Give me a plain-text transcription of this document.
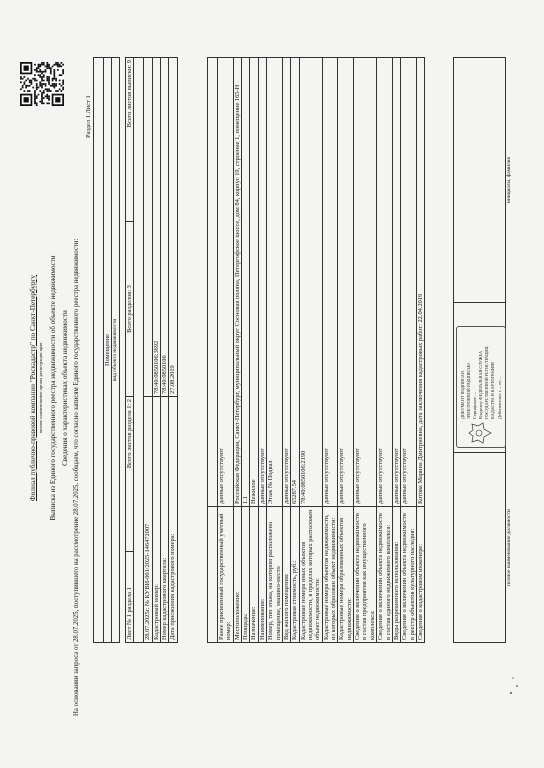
Филиал публично-правовой компании "Роскадастр" по Санкт-Петербургу полное наименование органа регистрации прав Выписка из Единого государственного реестра недвижимости об объекте недвижимости Сведения о характеристиках объекта недвижимости На основании запроса от 28.07.2025, поступившего на рассмотрение 28.07.2025, сообщаем, что согласно записям Единого государственного реестра недвижимости:
Раздел 1 Лист 1

Помещение
вид объекта недвижимости
Лист № 1 раздела 1	Всего листов раздела 1: 2	Всего разделов: 3	Всего листов выписки: 9

28.07.2025г. № КУВИ-001/2025-146472007			
Кадастровый номер:		78:40:0850106:3692	
Номер кадастрового квартала:		78:40:0850106	
Дата присвоения кадастрового номера:		27.08.2019	

Ранее присвоенный государственный учетный номер:	данные отсутствуют
Местоположение:	Российская Федерация, Санкт-Петербург, муниципальный округ Сосновая поляна, Петергофское шоссе, дом 84, корпус 19, строение 1, помещение 165-Н
Площадь:	1.1
Назначение:	Нежилое
Наименование:	данные отсутствуют
Номер, тип этажа, на котором расположено помещение, машино-место	Этаж № Подвал
Вид жилого помещения:	данные отсутствуют
Кадастровая стоимость, руб.:	65287.54
Кадастровые номера иных объектов недвижимости, в пределах которых расположен объект недвижимости:	78:40:0850106:2190
Кадастровые номера объектов недвижимости, из которых образован объект недвижимости:	данные отсутствуют
Кадастровые номера образованных объектов недвижимости:	данные отсутствуют
Сведения о включении объекта недвижимости в состав предприятия как имущественного комплекса:	данные отсутствуют
Сведения о включении объекта недвижимости в состав единого недвижимого комплекса:	данные отсутствуют
Виды разрешенного использования:	данные отсутствуют
Сведения о включении объекта недвижимости в реестр объектов культурного наследия:	данные отсутствуют
Сведения о кадастровом инженере:	Котова Марина Дмитриевна, дата заключения кадастровых работ: 22.04.2019

полное наименование должности		инициалы, фамилия
ДОКУМЕНТ ПОДПИСАН ЭЛЕКТРОННОЙ ПОДПИСЬЮ Сертификат: ... Владелец: ФЕДЕРАЛЬНАЯ СЛУЖБА ГОСУДАРСТВЕННОЙ РЕГИСТРАЦИИ, КАДАСТРА И КАРТОГРАФИИ Действителен: с ... по ...
